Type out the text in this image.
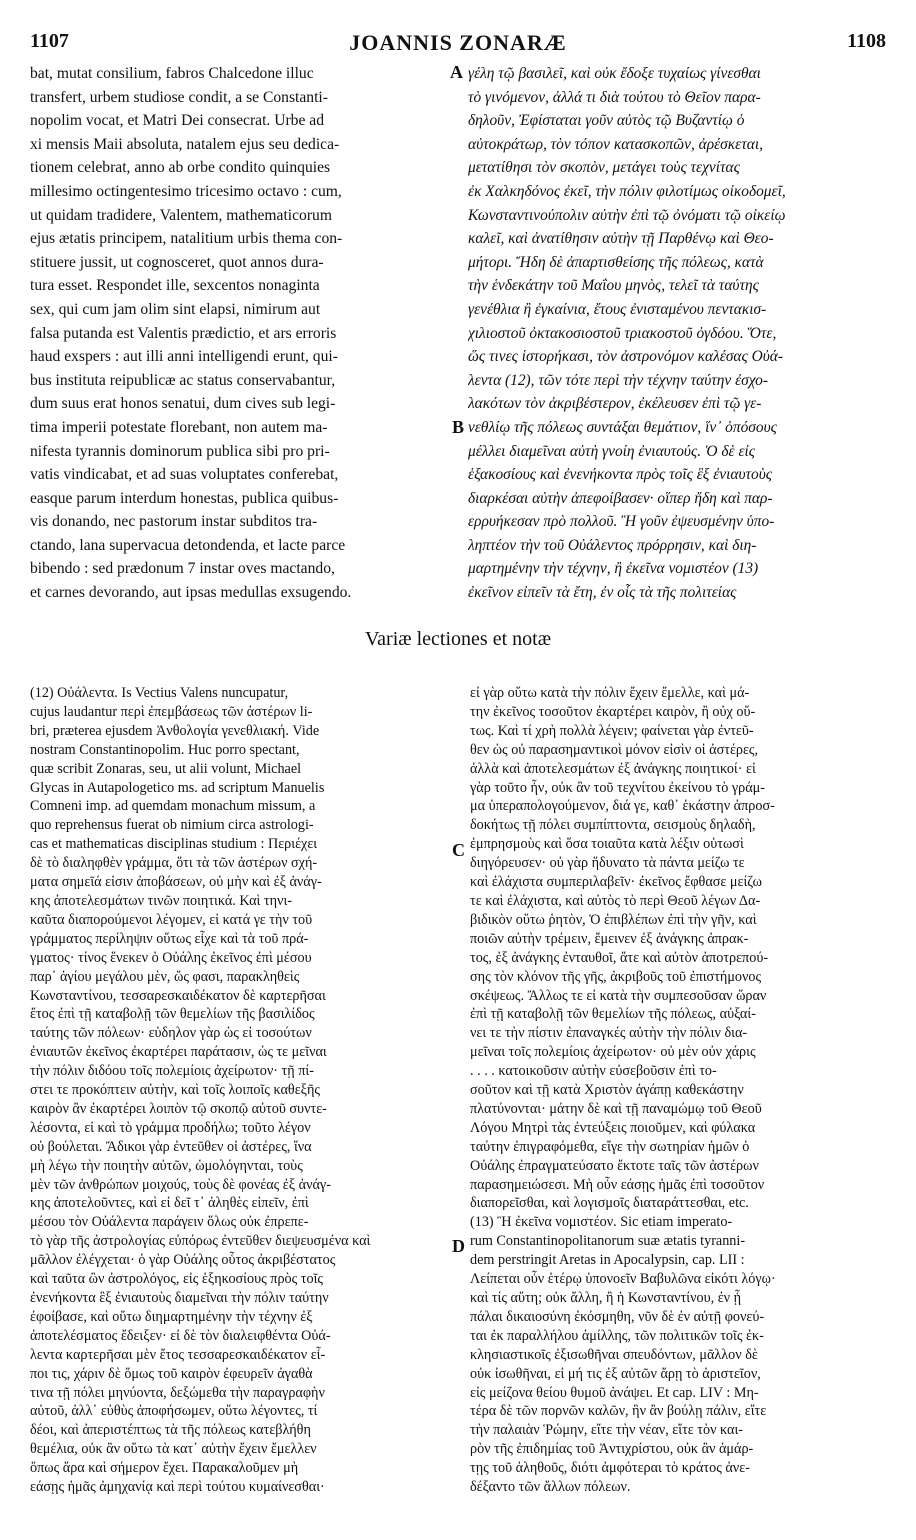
1107	JOANNIS ZONARÆ	1108
A
B
C
D
bat, mutat consilium, fabros Chalcedone illuc
transfert, urbem studiose condit, a se Constanti-
nopolim vocat, et Matri Dei consecrat. Urbe ad
xi mensis Maii absoluta, natalem ejus seu dedica-
tionem celebrat, anno ab orbe condito quinquies
millesimo octingentesimo tricesimo octavo : cum,
ut quidam tradidere, Valentem, mathematicorum
ejus ætatis principem, natalitium urbis thema con-
stituere jussit, ut cognosceret, quot annos dura-
tura esset. Respondet ille, sexcentos nonaginta
sex, qui cum jam olim sint elapsi, nimirum aut
falsa putanda est Valentis prædictio, et ars erroris
haud exspers : aut illi anni intelligendi erunt, qui-
bus instituta reipublicæ ac status conservabantur,
dum suus erat honos senatui, dum cives sub legi-
tima imperii potestate florebant, non autem ma-
nifesta tyrannis dominorum publica sibi pro pri-
vatis vindicabat, et ad suas voluptates conferebat,
easque parum interdum honestas, publica quibus-
vis donando, nec pastorum instar subditos tra-
ctando, lana supervacua detondenda, et lacte parce
bibendo : sed prædonum 7 instar oves mactando,
et carnes devorando, aut ipsas medullas exsugendo.
γέλη τῷ βασιλεῖ, καὶ οὐκ ἔδοξε τυχαίως γίνεσθαι
τὸ γινόμενον, ἀλλά τι διὰ τούτου τὸ Θεῖον παρα-
δηλοῦν, Ἐφίσταται γοῦν αὐτὸς τῷ Βυζαντίῳ ὁ
αὐτοκράτωρ, τὸν τόπον κατασκοπῶν, ἀρέσκεται,
μετατίθησι τὸν σκοπὸν, μετάγει τοὺς τεχνίτας
ἐκ Χαλκηδόνος ἐκεῖ, τὴν πόλιν φιλοτίμως οἰκοδομεῖ,
Κωνσταντινούπολιν αὐτὴν ἐπὶ τῷ ὀνόματι τῷ οἰκείῳ
καλεῖ, καὶ ἀνατίθησιν αὐτὴν τῇ Παρθένῳ καὶ Θεο-
μήτορι. Ἤδη δὲ ἀπαρτισθείσης τῆς πόλεως, κατὰ
τὴν ἑνδεκάτην τοῦ Μαΐου μηνὸς, τελεῖ τὰ ταύτης
γενέθλια ἢ ἐγκαίνια, ἔτους ἐνισταμένου πεντακισ-
χιλιοστοῦ ὀκτακοσιοστοῦ τριακοστοῦ ὀγδόου. Ὅτε,
ὥς τινες ἱστορήκασι, τὸν ἀστρονόμον καλέσας Οὐά-
λεντα (12), τῶν τότε περὶ τὴν τέχνην ταύτην ἐσχο-
λακότων τὸν ἀκριβέστερον, ἐκέλευσεν ἐπὶ τῷ γε-
νεθλίῳ τῆς πόλεως συντάξαι θεμάτιον, ἵν᾽ ὁπόσους
μέλλει διαμεῖναι αὐτὴ γνοίη ἐνιαυτούς. Ὁ δὲ εἰς
ἑξακοσίους καὶ ἐνενήκοντα πρὸς τοῖς ἓξ ἐνιαυτοὺς
διαρκέσαι αὐτὴν ἀπεφοίβασεν· οἵπερ ἤδη καὶ παρ-
ερρυήκεσαν πρὸ πολλοῦ. Ἢ γοῦν ἐψευσμένην ὑπο-
ληπτέον τὴν τοῦ Οὐάλεντος πρόρρησιν, καὶ διη-
μαρτημένην τὴν τέχνην, ἢ ἐκεῖνα νομιστέον (13)
ἐκεῖνον εἰπεῖν τὰ ἔτη, ἐν οἷς τὰ τῆς πολιτείας
Variæ lectiones et notæ
(12) Οὐάλεντα. Is Vectius Valens nuncupatur,
cujus laudantur περὶ ἐπεμβάσεως τῶν ἀστέρων li-
bri, præterea ejusdem Ἀνθολογία γενεθλιακή. Vide
nostram Constantinopolim. Huc porro spectant,
quæ scribit Zonaras, seu, ut alii volunt, Michael
Glycas in Autapologetico ms. ad scriptum Manuelis
Comneni imp. ad quemdam monachum missum, a
quo reprehensus fuerat ob nimium circa astrologi-
cas et mathematicas disciplinas studium : Περιέχει
δὲ τὸ διαληφθὲν γράμμα, ὅτι τὰ τῶν ἀστέρων σχή-
ματα σημεῖά εἰσιν ἀποβάσεων, οὐ μὴν καὶ ἐξ ἀνάγ-
κης ἀποτελεσμάτων τινῶν ποιητικά. Καὶ τηνι-
καῦτα διαπορούμενοι λέγομεν, εἰ κατά γε τὴν τοῦ
γράμματος περίληψιν οὕτως εἶχε καὶ τὰ τοῦ πρά-
γματος· τίνος ἕνεκεν ὁ Οὐάλης ἐκεῖνος ἐπὶ μέσου
παρ᾽ ἁγίου μεγάλου μὲν, ὥς φασι, παρακληθεὶς
Κωνσταντίνου, τεσσαρεσκαιδέκατον δὲ καρτερῆσαι
ἔτος ἐπὶ τῇ καταβολῇ τῶν θεμελίων τῆς βασιλίδος
ταύτης τῶν πόλεων· εὑδηλον γὰρ ὡς εἰ τοσούτων
ἐνιαυτῶν ἐκεῖνος ἐκαρτέρει παράτασιν, ὡς τε μεῖναι
τὴν πόλιν διδόου τοῖς πολεμίοις ἀχείρωτον· τῇ πί-
στει τε προκόπτειν αὐτὴν, καὶ τοῖς λοιποῖς καθεξῆς
καιρὸν ἂν ἐκαρτέρει λοιπὸν τῷ σκοπῷ αὐτοῦ συντε-
λέσοντα, εἰ καὶ τὸ γράμμα προδήλω; τοῦτο λέγον
οὐ βούλεται. Ἄδικοι γὰρ ἐντεῦθεν οἱ ἀστέρες, ἵνα
μὴ λέγω τὴν ποιητὴν αὐτῶν, ὡμολόγηνται, τοὺς
μὲν τῶν ἀνθρώπων μοιχούς, τοὺς δὲ φονέας ἐξ ἀνάγ-
κης ἀποτελοῦντες, καὶ εἰ δεῖ τ᾽ ἀληθὲς εἰπεῖν, ἐπὶ
μέσου τὸν Οὐάλεντα παράγειν ὅλως οὐκ ἐπρεπε-
τὸ γὰρ τῆς ἀστρολογίας εὐπόρως ἐντεῦθεν διεψευσμένα καὶ
μᾶλλον ἐλέγχεται· ὁ γὰρ Οὐάλης οὗτος ἀκριβέστατος
καὶ ταῦτα ὢν ἀστρολόγος, εἰς ἑξηκοσίους πρὸς τοῖς
ἐνενήκοντα ἓξ ἐνιαυτοὺς διαμεῖναι τὴν πόλιν ταύτην
ἐφοίβασε, καὶ οὕτω διημαρτημένην τὴν τέχνην ἐξ
ἀποτελέσματος ἔδειξεν· εἰ δὲ τὸν διαλειφθέντα Οὐά-
λεντα καρτερῆσαι μὲν ἔτος τεσσαρεσκαιδέκατον εἶ-
ποι τις, χάριν δὲ ὅμως τοῦ καιρὸν ἐφευρεῖν ἀγαθὰ
τινα τῇ πόλει μηνύοντα, δεξώμεθα τὴν παραγραφὴν
αὐτοῦ, ἀλλ᾽ εὐθὺς ἀποφήσωμεν, οὕτω λέγοντες, τί
δέοι, καὶ ἀπεριστέπτως τὰ τῆς πόλεως κατεβλήθη
θεμέλια, οὐκ ἂν οὕτω τὰ κατ᾽ αὐτὴν ἔχειν ἔμελλεν
ὅπως ἄρα καὶ σήμερον ἔχει. Παρακαλοῦμεν μὴ
εάσῃς ἡμᾶς ἀμηχανίᾳ καὶ περὶ τούτου κυμαίνεσθαι·
εἰ γὰρ οὕτω κατὰ τὴν πόλιν ἔχειν ἔμελλε, καὶ μά-
την ἐκεῖνος τοσοῦτον ἐκαρτέρει καιρὸν, ἢ οὐχ οὕ-
τως. Καὶ τί χρὴ πολλὰ λέγειν; φαίνεται γὰρ ἐντεῦ-
θεν ὡς οὐ παρασημαντικοὶ μόνον εἰσὶν οἱ ἀστέρες,
ἀλλὰ καὶ ἀποτελεσμάτων ἐξ ἀνάγκης ποιητικοί· εἰ
γὰρ τοῦτο ἦν, οὐκ ἂν τοῦ τεχνίτου ἐκείνου τὸ γράμ-
μα ὑπεραπολογούμενον, διά γε, καθ᾽ ἑκάστην ἀπροσ-
δοκήτως τῇ πόλει συμπίπτοντα, σεισμοὺς δηλαδὴ,
ἐμπρησμοὺς καὶ ὅσα τοιαῦτα κατὰ λέξιν οὑτωσὶ
διηγόρευσεν· οὐ γὰρ ἥδυνατο τὰ πάντα μείζω τε
καὶ ἐλάχιστα συμπεριλαβεῖν· ἐκεῖνος ἔφθασε μείζω
τε καὶ ἐλάχιστα, καὶ αὐτὸς τὸ περὶ Θεοῦ λέγων Δα-
βιδικὸν οὕτω ῥητὸν, Ὁ ἐπιβλέπων ἐπὶ τὴν γῆν, καὶ
ποιῶν αὐτὴν τρέμειν, ἔμεινεν ἐξ ἀνάγκης ἀπρακ-
τος, ἐξ ἀνάγκης ἐνταυθοῖ, ἅτε καὶ αὐτὸν ἀποτρεπού-
σης τὸν κλόνον τῆς γῆς, ἀκριβοῦς τοῦ ἐπιστήμονος
σκέψεως. Ἄλλως τε εἰ κατὰ τὴν συμπεσοῦσαν ὥραν
ἐπὶ τῇ καταβολῇ τῶν θεμελίων τῆς πόλεως, αὐξαί-
νει τε τὴν πίστιν ἐπαναγκές αὐτὴν τὴν πόλιν δια-
μεῖναι τοῖς πολεμίοις ἀχείρωτον· οὐ μὲν οὐν χάρις
. . . . κατοικοῦσιν αὐτὴν εὐσεβοῦσιν ἐπὶ το-
σοῦτον καὶ τῇ κατὰ Χριστὸν ἀγάπῃ καθεκάστην
πλατύνονται· μάτην δὲ καὶ τῇ παναμώμῳ τοῦ Θεοῦ
Λόγου Μητρὶ τὰς ἐντεύξεις ποιοῦμεν, καὶ φύλακα
ταύτην ἐπιγραφόμεθα, εἴγε τὴν σωτηρίαν ἡμῶν ὁ
Οὐάλης ἐπραγματεύσατο ἔκτοτε ταῖς τῶν ἀστέρων
παρασημειώσεσι. Μὴ οὖν εάσῃς ἡμᾶς ἐπὶ τοσοῦτον
διαπορεῖσθαι, καὶ λογισμοῖς διαταράττεσθαι, etc.
(13) Ἢ ἐκεῖνα νομιστέον. Sic etiam imperato-
rum Constantinopolitanorum suæ ætatis tyranni-
dem perstringit Aretas in Apocalypsin, cap. LII :
Λείπεται οὖν ἑτέρῳ ὑπονοεῖν Βαβυλῶνα εἰκότι λόγῳ·
καὶ τίς αὕτη; οὐκ ἄλλη, ἢ ἡ Κωνσταντίνου, ἐν ᾗ
πάλαι δικαιοσύνη ἐκόσμηθη, νῦν δὲ ἐν αὐτῇ φονεύ-
ται ἐκ παραλλήλου ἁμίλλης, τῶν πολιτικῶν τοῖς ἐκ-
κλησιαστικοῖς ἐξισωθῆναι σπευδόντων, μᾶλλον δὲ
οὐκ ἰσωθῆναι, εἰ μή τις ἐξ αὐτῶν ἄρῃ τὸ ἀριστεῖον,
εἰς μείζονα θείου θυμοῦ ἀνάψει. Et cap. LIV : Μη-
τέρα δὲ τῶν πορνῶν καλῶν, ἣν ἂν βούλῃ πάλιν, εἴτε
τὴν παλαιὰν Ῥώμην, εἴτε τὴν νέαν, εἴτε τὸν και-
ρὸν τῆς ἐπιδημίας τοῦ Ἀντιχρίστου, οὐκ ἂν ἁμάρ-
τῃς τοῦ ἀληθοῦς, διότι ἀμφότεραι τὸ κράτος ἀνε-
δέξαντο τῶν ἄλλων πόλεων.
